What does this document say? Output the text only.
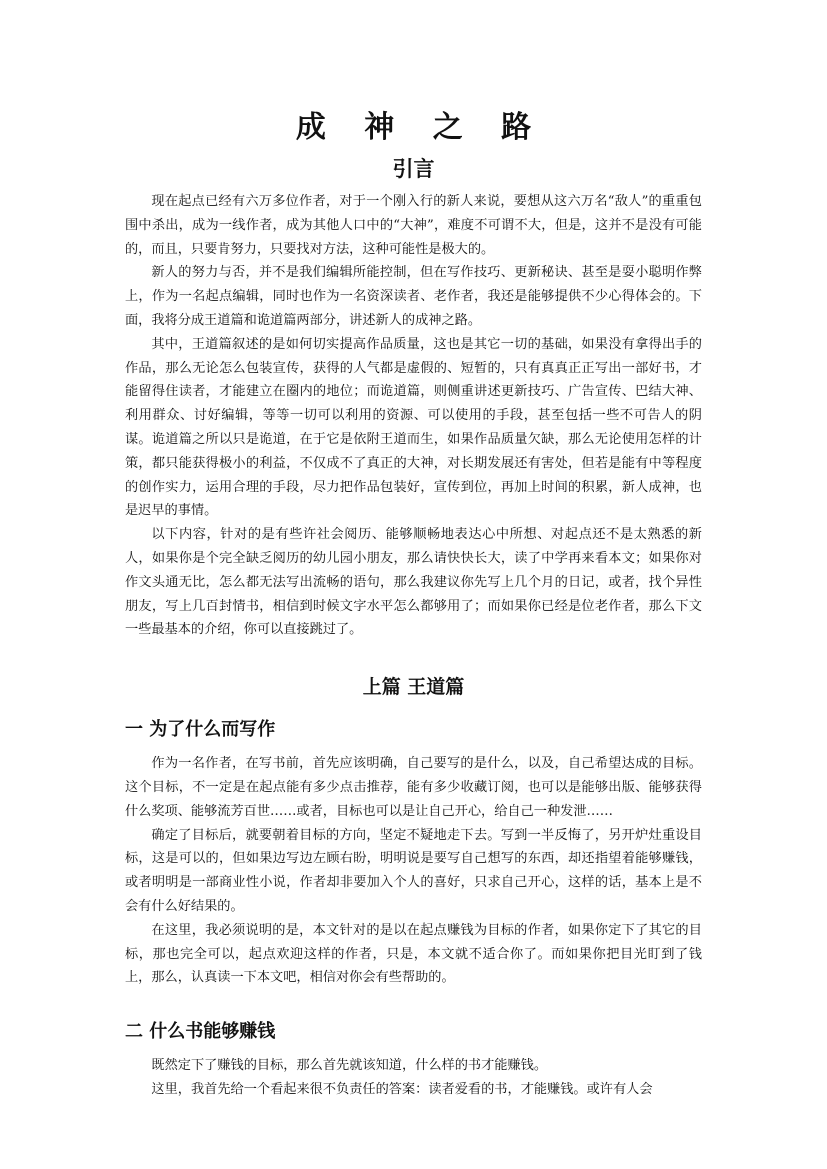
成 神 之 路
引言

现在起点已经有六万多位作者，对于一个刚入行的新人来说，要想从这六万名“敌人”的重重包围中杀出，成为一线作者，成为其他人口中的“大神”，难度不可谓不大，但是，这并不是没有可能的，而且，只要肯努力，只要找对方法，这种可能性是极大的。

新人的努力与否，并不是我们编辑所能控制，但在写作技巧、更新秘诀、甚至是耍小聪明作弊上，作为一名起点编辑，同时也作为一名资深读者、老作者，我还是能够提供不少心得体会的。下面，我将分成王道篇和诡道篇两部分，讲述新人的成神之路。

其中，王道篇叙述的是如何切实提高作品质量，这也是其它一切的基础，如果没有拿得出手的作品，那么无论怎么包装宣传，获得的人气都是虚假的、短暂的，只有真真正正写出一部好书，才能留得住读者，才能建立在圈内的地位；而诡道篇，则侧重讲述更新技巧、广告宣传、巴结大神、利用群众、讨好编辑，等等一切可以利用的资源、可以使用的手段，甚至包括一些不可告人的阴谋。诡道篇之所以只是诡道，在于它是依附王道而生，如果作品质量欠缺，那么无论使用怎样的计策，都只能获得极小的利益，不仅成不了真正的大神，对长期发展还有害处，但若是能有中等程度的创作实力，运用合理的手段，尽力把作品包装好，宣传到位，再加上时间的积累，新人成神，也是迟早的事情。

以下内容，针对的是有些许社会阅历、能够顺畅地表达心中所想、对起点还不是太熟悉的新人，如果你是个完全缺乏阅历的幼儿园小朋友，那么请快快长大，读了中学再来看本文；如果你对作文头通无比，怎么都无法写出流畅的语句，那么我建议你先写上几个月的日记，或者，找个异性朋友，写上几百封情书，相信到时候文字水平怎么都够用了；而如果你已经是位老作者，那么下文一些最基本的介绍，你可以直接跳过了。

上篇 王道篇
一 为了什么而写作

作为一名作者，在写书前，首先应该明确，自己要写的是什么，以及，自己希望达成的目标。这个目标，不一定是在起点能有多少点击推荐，能有多少收藏订阅，也可以是能够出版、能够获得什么奖项、能够流芳百世……或者，目标也可以是让自己开心，给自己一种发泄……

确定了目标后，就要朝着目标的方向，坚定不疑地走下去。写到一半反悔了，另开炉灶重设目标，这是可以的，但如果边写边左顾右盼，明明说是要写自己想写的东西，却还指望着能够赚钱，或者明明是一部商业性小说，作者却非要加入个人的喜好，只求自己开心，这样的话，基本上是不会有什么好结果的。

在这里，我必须说明的是，本文针对的是以在起点赚钱为目标的作者，如果你定下了其它的目标，那也完全可以，起点欢迎这样的作者，只是，本文就不适合你了。而如果你把目光盯到了钱上，那么，认真读一下本文吧，相信对你会有些帮助的。

二 什么书能够赚钱

既然定下了赚钱的目标，那么首先就该知道，什么样的书才能赚钱。

这里，我首先给一个看起来很不负责任的答案：读者爱看的书，才能赚钱。或许有人会
